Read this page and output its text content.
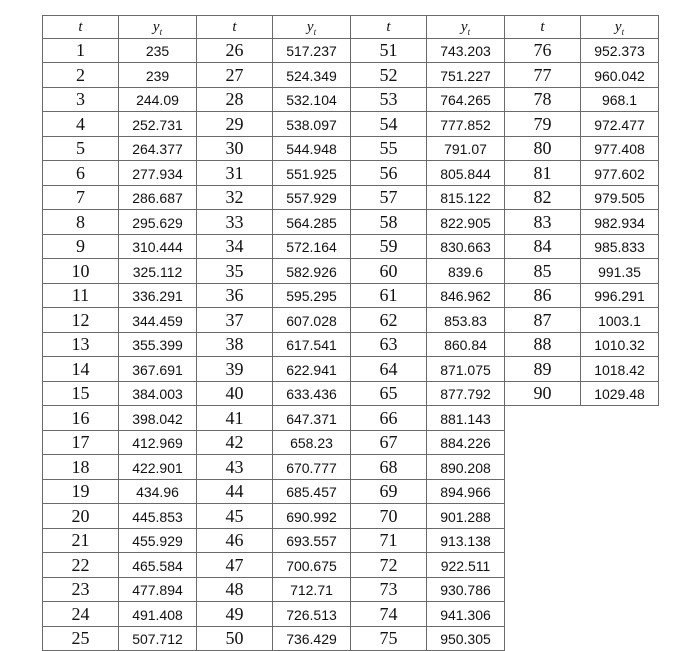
t	$y_t$	t	$y_t$	t	$y_t$	t	$y_t$
1	235	26	517.237	51	743.203	76	952.373
2	239	27	524.349	52	751.227	77	960.042
3	244.09	28	532.104	53	764.265	78	968.1
4	252.731	29	538.097	54	777.852	79	972.477
5	264.377	30	544.948	55	791.07	80	977.408
6	277.934	31	551.925	56	805.844	81	977.602
7	286.687	32	557.929	57	815.122	82	979.505
8	295.629	33	564.285	58	822.905	83	982.934
9	310.444	34	572.164	59	830.663	84	985.833
10	325.112	35	582.926	60	839.6	85	991.35
11	336.291	36	595.295	61	846.962	86	996.291
12	344.459	37	607.028	62	853.83	87	1003.1
13	355.399	38	617.541	63	860.84	88	1010.32
14	367.691	39	622.941	64	871.075	89	1018.42
15	384.003	40	633.436	65	877.792	90	1029.48
16	398.042	41	647.371	66	881.143		
17	412.969	42	658.23	67	884.226		
18	422.901	43	670.777	68	890.208		
19	434.96	44	685.457	69	894.966		
20	445.853	45	690.992	70	901.288		
21	455.929	46	693.557	71	913.138		
22	465.584	47	700.675	72	922.511		
23	477.894	48	712.71	73	930.786		
24	491.408	49	726.513	74	941.306		
25	507.712	50	736.429	75	950.305		
